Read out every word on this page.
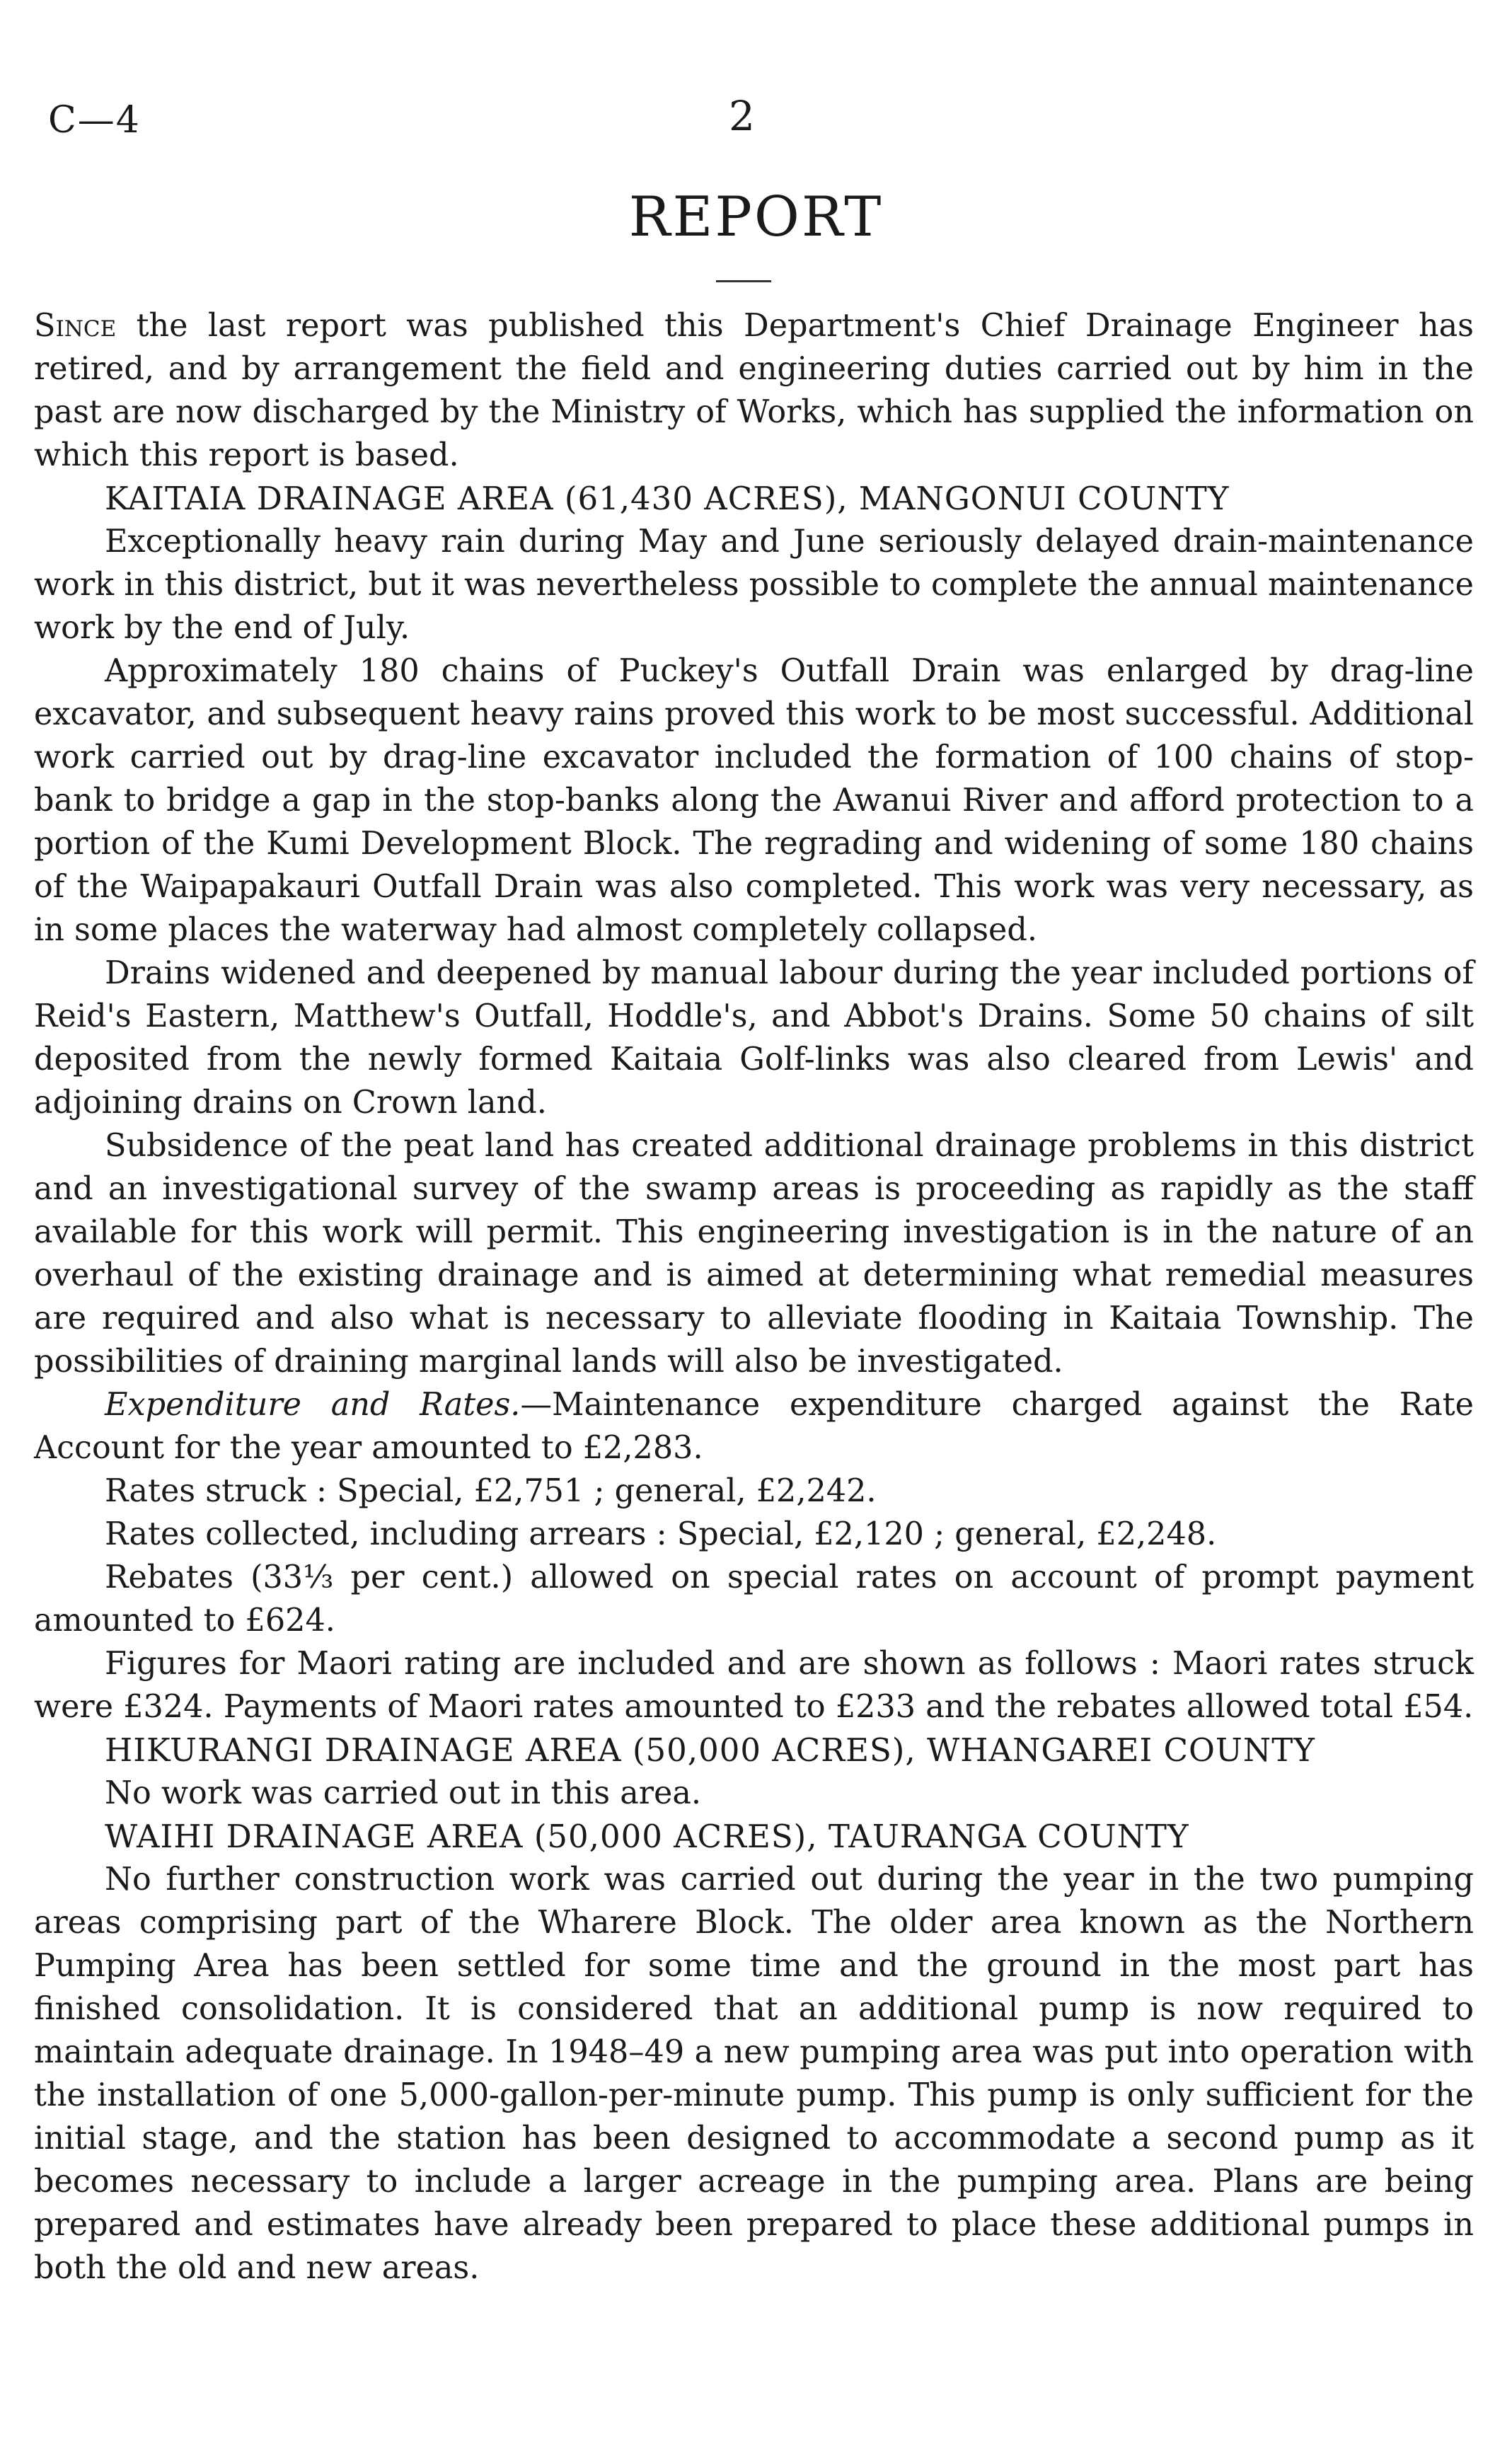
C—4	2
REPORT

Since the last report was published this Department's Chief Drainage Engineer has retired, and by arrangement the field and engineering duties carried out by him in the past are now discharged by the Ministry of Works, which has supplied the information on which this report is based.

KAITAIA DRAINAGE AREA (61,430 ACRES), MANGONUI COUNTY

Exceptionally heavy rain during May and June seriously delayed drain-maintenance work in this district, but it was nevertheless possible to complete the annual maintenance work by the end of July.

Approximately 180 chains of Puckey's Outfall Drain was enlarged by drag-line excavator, and subsequent heavy rains proved this work to be most successful. Additional work carried out by drag-line excavator included the formation of 100 chains of stop-bank to bridge a gap in the stop-banks along the Awanui River and afford protection to a portion of the Kumi Development Block. The regrading and widening of some 180 chains of the Waipapakauri Outfall Drain was also completed. This work was very necessary, as in some places the waterway had almost completely collapsed.

Drains widened and deepened by manual labour during the year included portions of Reid's Eastern, Matthew's Outfall, Hoddle's, and Abbot's Drains. Some 50 chains of silt deposited from the newly formed Kaitaia Golf-links was also cleared from Lewis' and adjoining drains on Crown land.

Subsidence of the peat land has created additional drainage problems in this district and an investigational survey of the swamp areas is proceeding as rapidly as the staff available for this work will permit. This engineering investigation is in the nature of an overhaul of the existing drainage and is aimed at determining what remedial measures are required and also what is necessary to alleviate flooding in Kaitaia Township. The possibilities of draining marginal lands will also be investigated.

Expenditure and Rates.—Maintenance expenditure charged against the Rate Account for the year amounted to £2,283.

Rates struck : Special, £2,751 ; general, £2,242.

Rates collected, including arrears : Special, £2,120 ; general, £2,248.

Rebates (33⅓ per cent.) allowed on special rates on account of prompt payment amounted to £624.

Figures for Maori rating are included and are shown as follows : Maori rates struck were £324. Payments of Maori rates amounted to £233 and the rebates allowed total £54.

HIKURANGI DRAINAGE AREA (50,000 ACRES), WHANGAREI COUNTY

No work was carried out in this area.

WAIHI DRAINAGE AREA (50,000 ACRES), TAURANGA COUNTY

No further construction work was carried out during the year in the two pumping areas comprising part of the Wharere Block. The older area known as the Northern Pumping Area has been settled for some time and the ground in the most part has finished consolidation. It is considered that an additional pump is now required to maintain adequate drainage. In 1948–49 a new pumping area was put into operation with the installation of one 5,000-gallon-per-minute pump. This pump is only sufficient for the initial stage, and the station has been designed to accommodate a second pump as it becomes necessary to include a larger acreage in the pumping area. Plans are being prepared and estimates have already been prepared to place these additional pumps in both the old and new areas.
